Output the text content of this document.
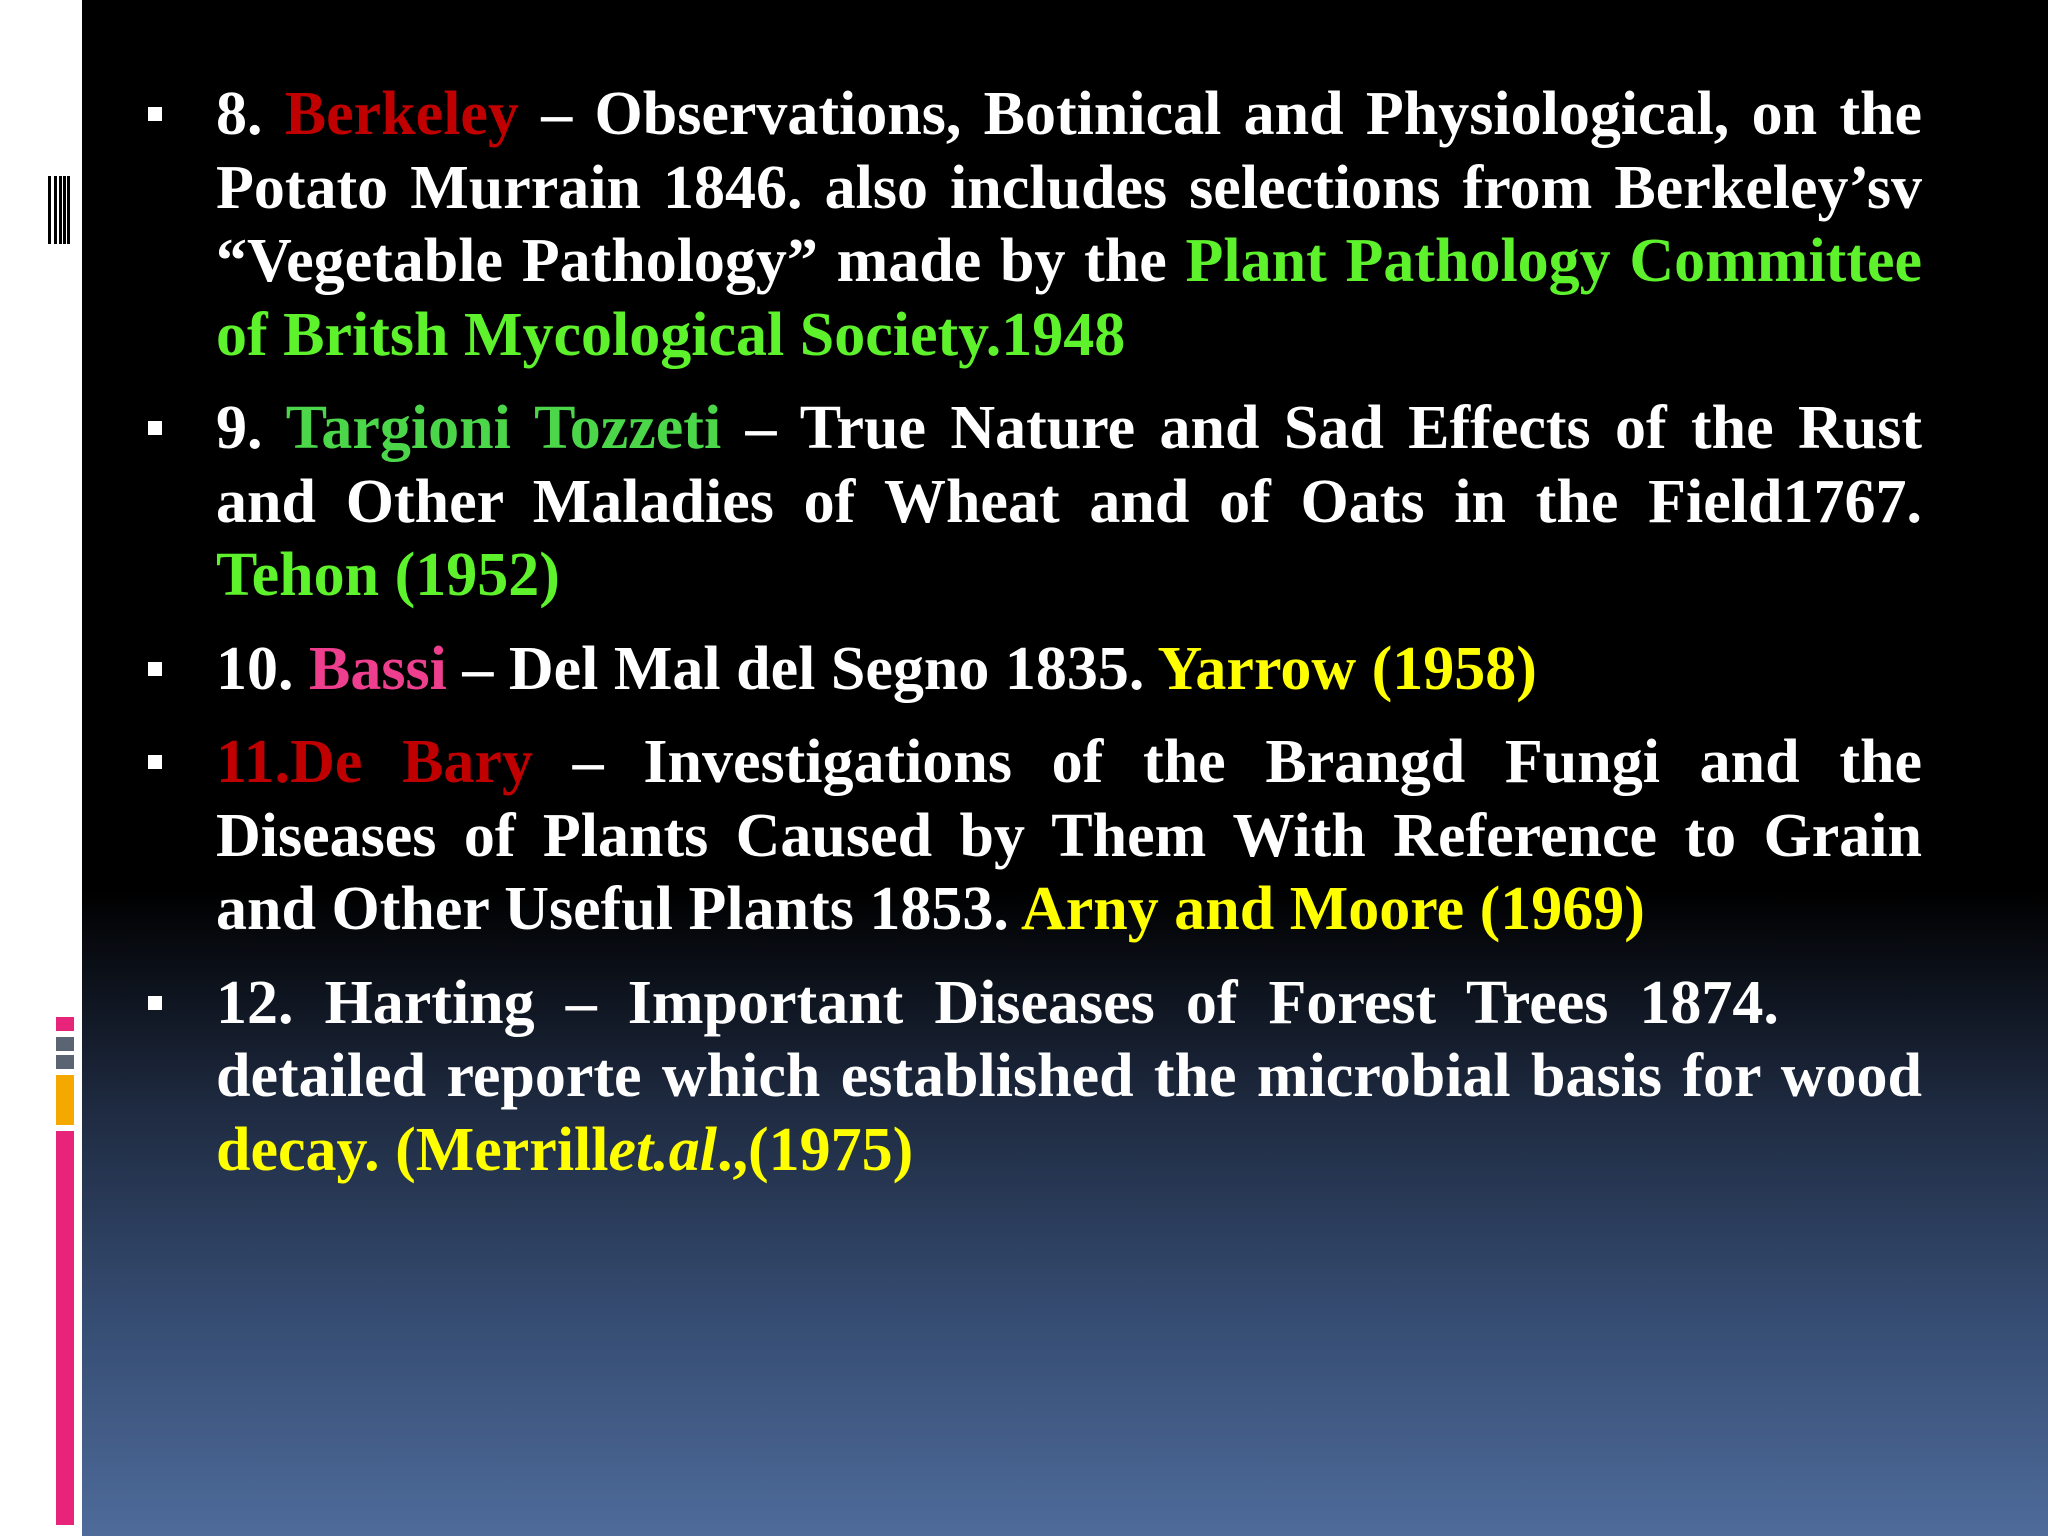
8. Berkeley – Observations, Botinical and Physiological, on the Potato Murrain 1846. also includes selections from Berkeley’sv “Vegetable Pathology” made by the Plant Pathology Committee of Britsh Mycological Society.1948
9. Targioni Tozzeti – True Nature and Sad Effects of the Rust and Other Maladies of Wheat and of Oats in the Field1767. Tehon (1952)
10. Bassi – Del Mal del Segno 1835. Yarrow (1958)
11.De Bary – Investigations of the Brangd Fungi and the Diseases of Plants Caused by Them With Reference to Grain and Other Useful Plants 1853. Arny and Moore (1969)
12. Harting – Important Diseases of Forest Trees 1874. detailed reporte which established the microbial basis for wood decay. (Merrillet.al.,(1975)
